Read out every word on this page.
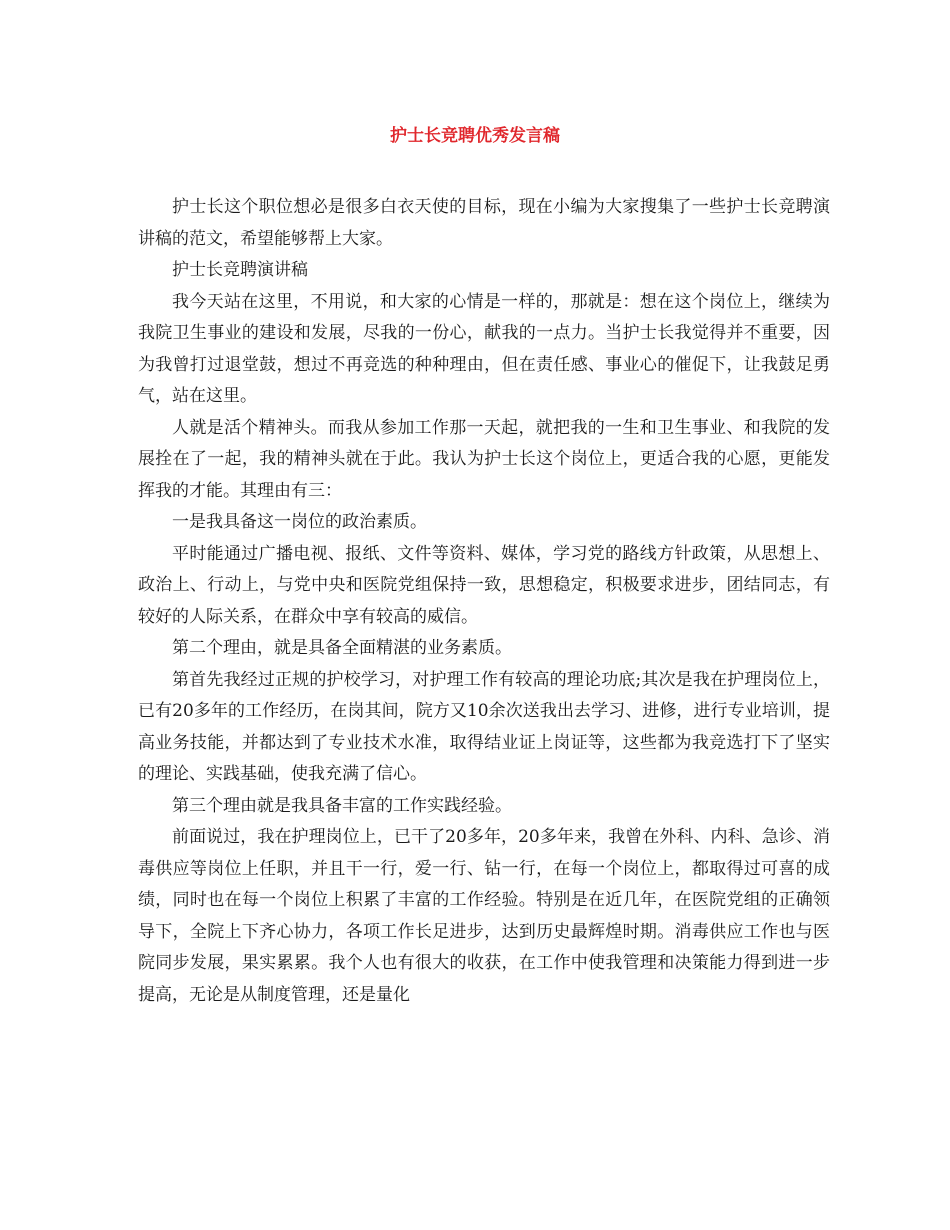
护士长竞聘优秀发言稿

护士长这个职位想必是很多白衣天使的目标，现在小编为大家搜集了一些护士长竞聘演讲稿的范文，希望能够帮上大家。

护士长竞聘演讲稿

我今天站在这里，不用说，和大家的心情是一样的，那就是：想在这个岗位上，继续为我院卫生事业的建设和发展，尽我的一份心，献我的一点力。当护士长我觉得并不重要，因为我曾打过退堂鼓，想过不再竞选的种种理由，但在责任感、事业心的催促下，让我鼓足勇气，站在这里。

人就是活个精神头。而我从参加工作那一天起，就把我的一生和卫生事业、和我院的发展拴在了一起，我的精神头就在于此。我认为护士长这个岗位上，更适合我的心愿，更能发挥我的才能。其理由有三：

一是我具备这一岗位的政治素质。

平时能通过广播电视、报纸、文件等资料、媒体，学习党的路线方针政策，从思想上、政治上、行动上，与党中央和医院党组保持一致，思想稳定，积极要求进步，团结同志，有较好的人际关系，在群众中享有较高的威信。

第二个理由，就是具备全面精湛的业务素质。

第首先我经过正规的护校学习，对护理工作有较高的理论功底;其次是我在护理岗位上，已有20多年的工作经历，在岗其间，院方又10余次送我出去学习、进修，进行专业培训，提高业务技能，并都达到了专业技术水准，取得结业证上岗证等，这些都为我竞选打下了坚实的理论、实践基础，使我充满了信心。

第三个理由就是我具备丰富的工作实践经验。

前面说过，我在护理岗位上，已干了20多年，20多年来，我曾在外科、内科、急诊、消毒供应等岗位上任职，并且干一行，爱一行、钻一行，在每一个岗位上，都取得过可喜的成绩，同时也在每一个岗位上积累了丰富的工作经验。特别是在近几年，在医院党组的正确领导下，全院上下齐心协力，各项工作长足进步，达到历史最辉煌时期。消毒供应工作也与医院同步发展，果实累累。我个人也有很大的收获，在工作中使我管理和决策能力得到进一步提高，无论是从制度管理，还是量化
